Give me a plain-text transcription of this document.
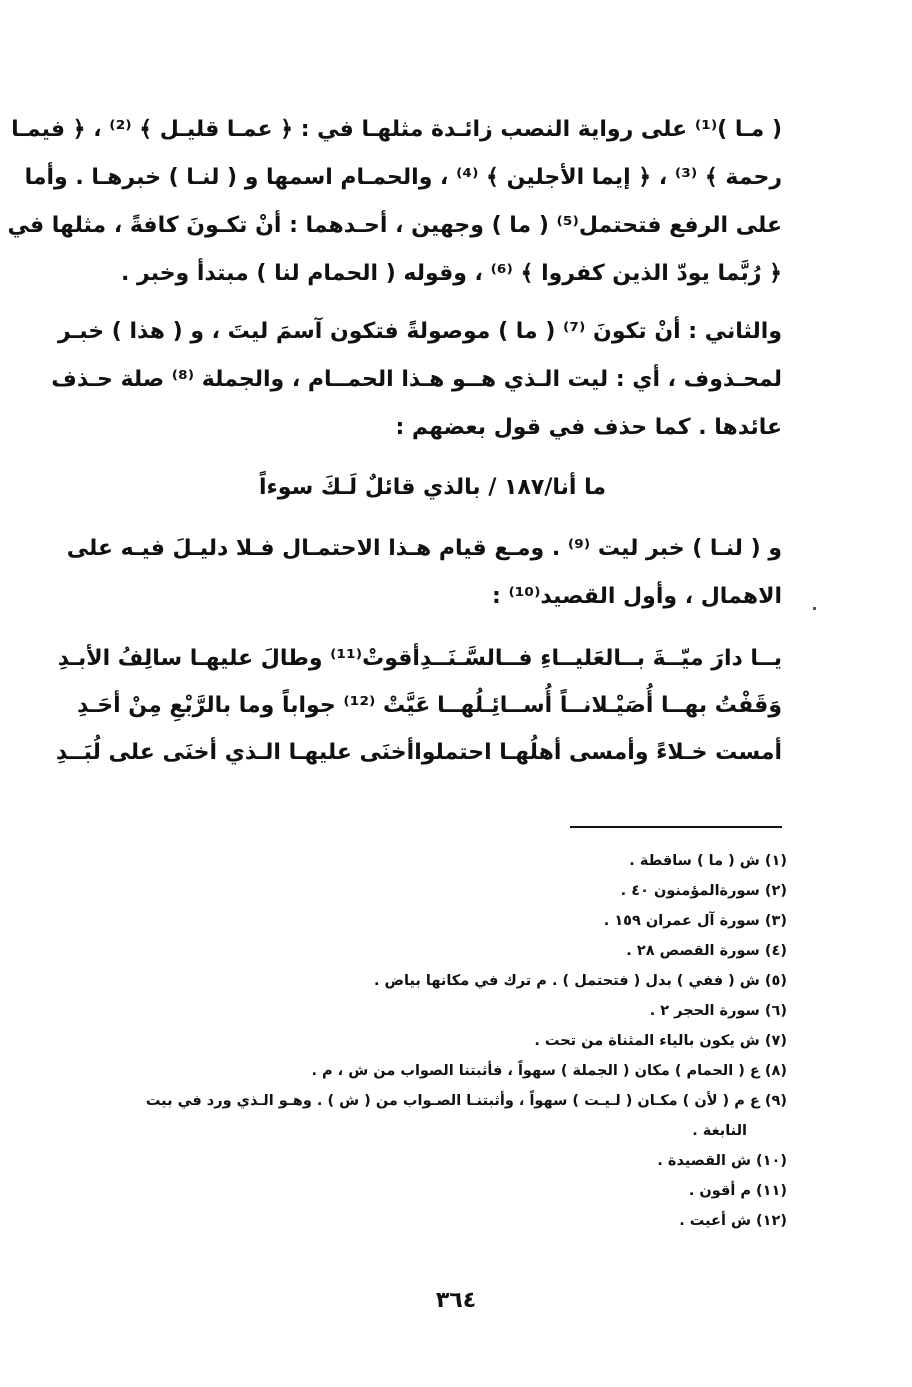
( مـا )⁽¹⁾ على رواية النصب زائـدة مثلهـا في : ﴿ عمـا قليـل ﴾ ⁽²⁾ ، ﴿ فيمـا
رحمة ﴾ ⁽³⁾ ، ﴿ إيما الأجلين ﴾ ⁽⁴⁾ ، والحمـام اسمها و ( لنـا ) خبرهـا . وأما
على الرفع فتحتمل⁽⁵⁾ ( ما ) وجهين ، أحـدهما : أنْ تكـونَ كافةً ، مثلها في
﴿ رُبَّما يودّ الذين كفروا ﴾ ⁽⁶⁾ ، وقوله ( الحمام لنا ) مبتدأ وخبر .
والثاني : أنْ تكونَ ⁽⁷⁾ ( ما ) موصولةً فتكون آسمَ ليتَ ، و ( هذا ) خبـر
لمحـذوف ، أي : ليت الـذي هــو هـذا الحمــام ، والجملة ⁽⁸⁾ صلة حـذف
عائدها . كما حذف في قول بعضهم :
ما أنا/١٨٧ / بالذي قائلٌ لَـكَ سوءاً
و ( لنـا ) خبر ليت ⁽⁹⁾ . ومـع قيام هـذا الاحتمـال فـلا دليـلَ فيـه على
الاهمال ، وأول القصيد⁽¹⁰⁾ :
يــا دارَ ميّــةَ بــالعَليــاءِ فــالسَّـنَــدِ
أقوتْ⁽¹¹⁾ وطالَ عليهـا سالِفُ الأبـدِ
وَقَفْتُ بهــا أُصَيْـلانــاً أُســائِـلُهــا
عَيَّتْ ⁽¹²⁾ جواباً وما بالرَّبْعِ مِنْ أحَـدِ
أمست خـلاءً وأمسى أهلُهـا احتملوا
أخنَى عليهـا الـذي أخنَى على لُبَــدِ
(١) ش ( ما ) ساقطة .
(٢) سورةالمؤمنون ٤٠ .
(٣) سورة آل عمران ١٥٩ .
(٤) سورة القصص ٢٨ .
(٥) ش ( ففي ) بدل ( فتحتمل ) . م ترك في مكانها بياض .
(٦) سورة الحجر ٢ .
(٧) ش يكون بالياء المثناة من تحت .
(٨) ع ( الحمام ) مكان ( الجملة ) سهواً ، فأثبتنا الصواب من ش ، م .
(٩) ع م ( لأن ) مكـان ( لـيـت ) سهواً ، وأثبتنـا الصـواب من ( ش ) . وهـو الـذي ورد في بيت
النابغة .
(١٠) ش القصيدة .
(١١) م أقون .
(١٢) ش أعيت .
٣٦٤
